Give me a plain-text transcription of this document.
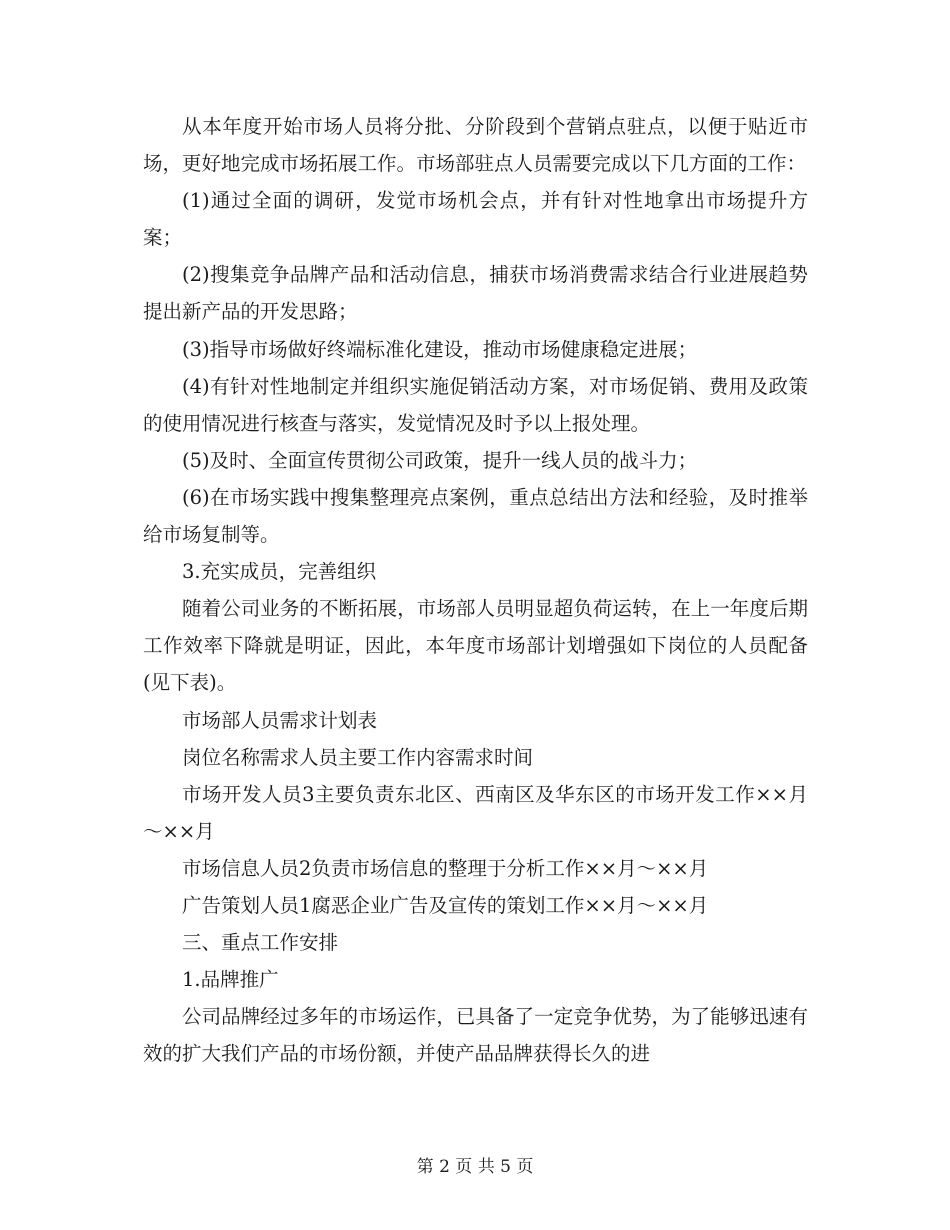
从本年度开始市场人员将分批、分阶段到个营销点驻点，以便于贴近市场，更好地完成市场拓展工作。市场部驻点人员需要完成以下几方面的工作：

(1)通过全面的调研，发觉市场机会点，并有针对性地拿出市场提升方案；

(2)搜集竞争品牌产品和活动信息，捕获市场消费需求结合行业进展趋势提出新产品的开发思路；

(3)指导市场做好终端标准化建设，推动市场健康稳定进展；

(4)有针对性地制定并组织实施促销活动方案，对市场促销、费用及政策的使用情况进行核查与落实，发觉情况及时予以上报处理。

(5)及时、全面宣传贯彻公司政策，提升一线人员的战斗力；

(6)在市场实践中搜集整理亮点案例，重点总结出方法和经验，及时推举给市场复制等。

3.充实成员，完善组织

随着公司业务的不断拓展，市场部人员明显超负荷运转，在上一年度后期工作效率下降就是明证，因此，本年度市场部计划增强如下岗位的人员配备(见下表)。

市场部人员需求计划表

岗位名称需求人员主要工作内容需求时间

市场开发人员3主要负责东北区、西南区及华东区的市场开发工作××月～××月

市场信息人员2负责市场信息的整理于分析工作××月～××月

广告策划人员1腐恶企业广告及宣传的策划工作××月～××月

三、重点工作安排

1.品牌推广

公司品牌经过多年的市场运作，已具备了一定竞争优势，为了能够迅速有效的扩大我们产品的市场份额，并使产品品牌获得长久的进

第 2 页 共 5 页
